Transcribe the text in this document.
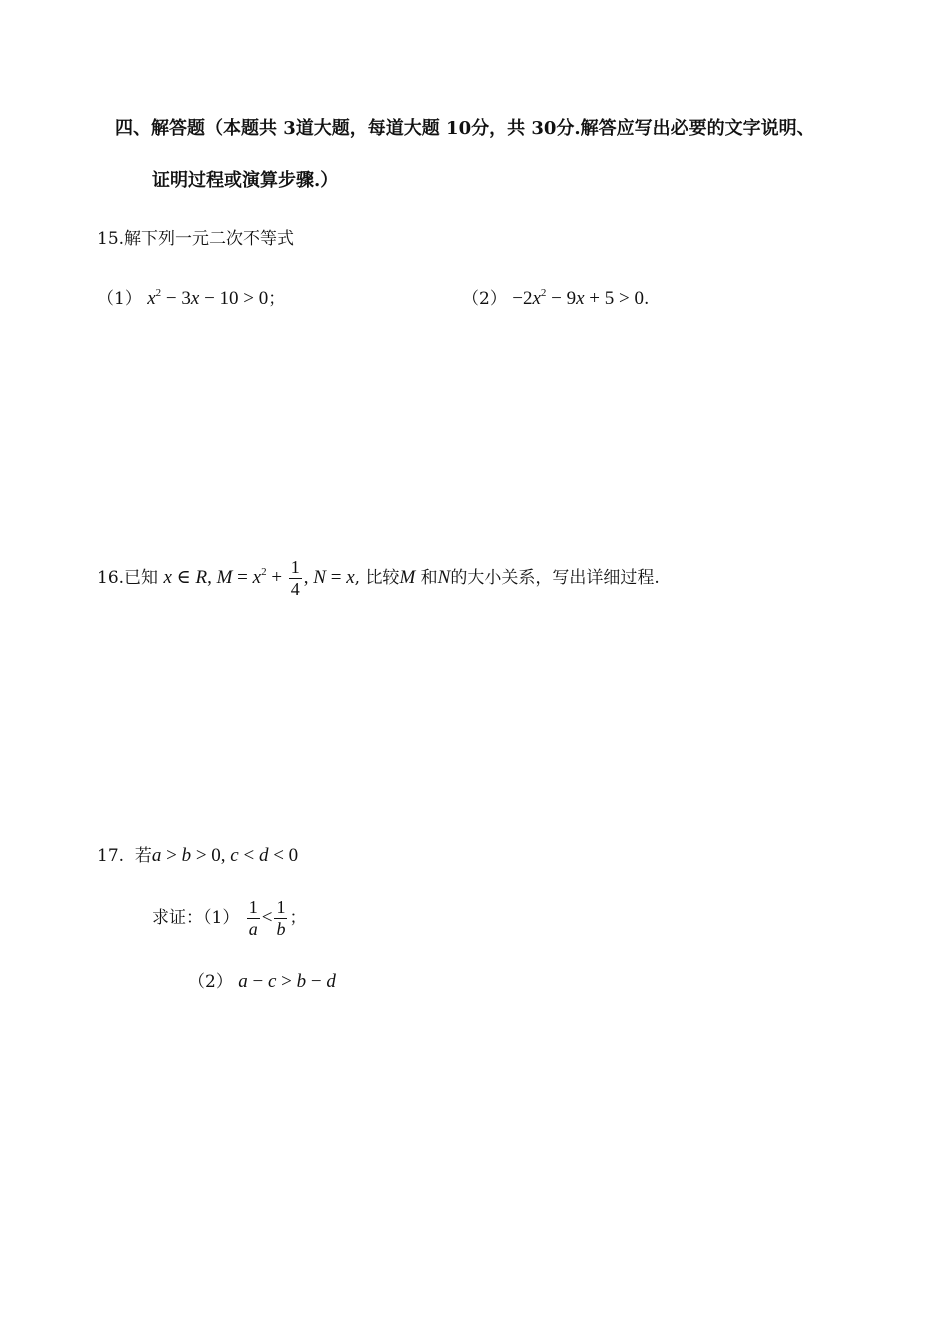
四、解答题（本题共 3道大题，每道大题 10分，共 30分.解答应写出必要的文字说明、
证明过程或演算步骤.）
15.解下列一元二次不等式
（1） $x^2 - 3x - 10 > 0$；	$(2) -2x^2 - 9x + 5 > 0$.
16.已知 x ∈ R, $M = x^2 + \frac{1}{4}$ , N = x, 比较M 和N的大小关系，写出详细过程.
17. 若a > b > 0, c < d < 0
求证：$(1) \frac{1}{a} < \frac{1}{b}$ ；
（2） a − c > b − d
